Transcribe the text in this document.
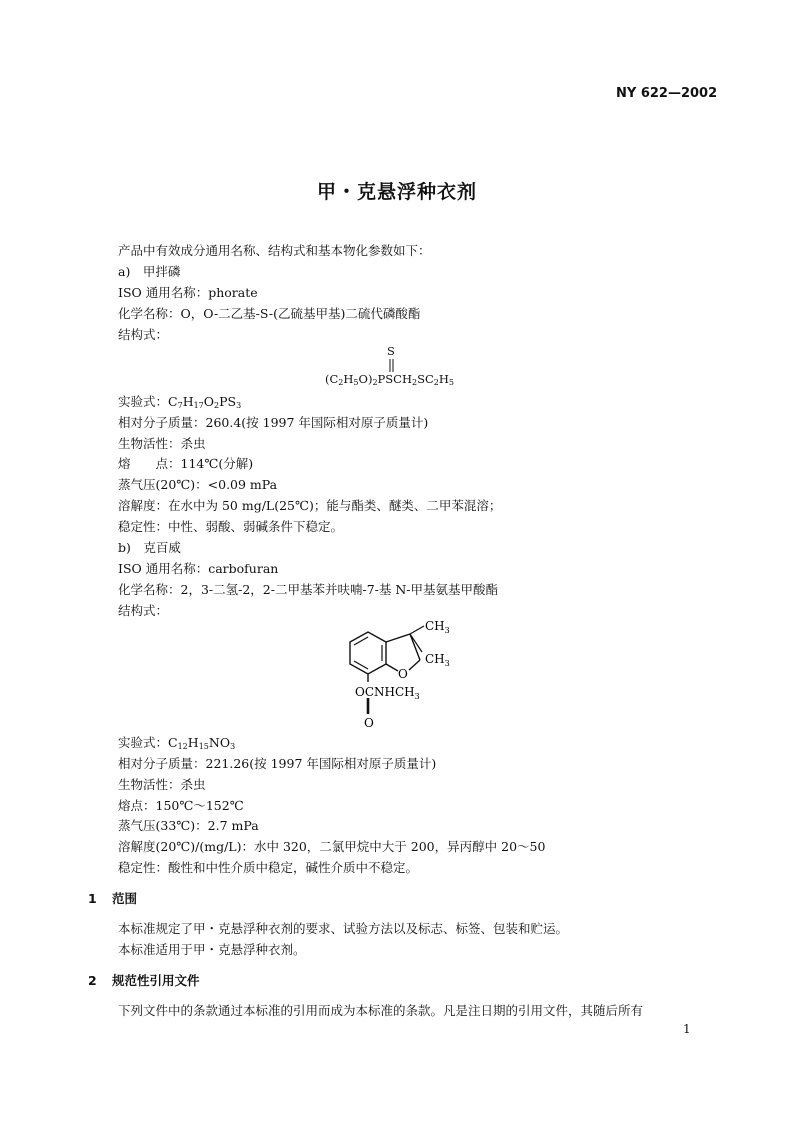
NY 622—2002
甲・克悬浮种衣剂
产品中有效成分通用名称、结构式和基本物化参数如下：
a)　甲拌磷
ISO 通用名称：phorate
化学名称：O，O-二乙基-S-(乙硫基甲基)二硫代磷酸酯
结构式：
S
$(C_2H_5O)_2PSCH_2SC_2H_5$
实验式：$C_7H_{17}O_2PS_3$
相对分子质量：260.4(按 1997 年国际相对原子质量计)
生物活性：杀虫
熔　　点：114℃(分解)
蒸气压(20℃)：<0.09 mPa
溶解度：在水中为 50 mg/L(25℃)；能与酯类、醚类、二甲苯混溶；
稳定性：中性、弱酸、弱碱条件下稳定。
b)　克百威
ISO 通用名称：carbofuran
化学名称：2，3-二氢-2，2-二甲基苯并呋喃-7-基 N-甲基氨基甲酸酯
结构式：
$CH_3$
$CH_3$
O
$OCNHCH_3$
O
实验式：$C_{12}H_{15}NO_3$
相对分子质量：221.26(按 1997 年国际相对原子质量计)
生物活性：杀虫
熔点：150℃～152℃
蒸气压(33℃)：2.7 mPa
溶解度(20℃)/(mg/L)：水中 320，二氯甲烷中大于 200，异丙醇中 20～50
稳定性：酸性和中性介质中稳定，碱性介质中不稳定。
1 范围
本标准规定了甲・克悬浮种衣剂的要求、试验方法以及标志、标签、包装和贮运。
本标准适用于甲・克悬浮种衣剂。
2 规范性引用文件
下列文件中的条款通过本标准的引用而成为本标准的条款。凡是注日期的引用文件，其随后所有
1
